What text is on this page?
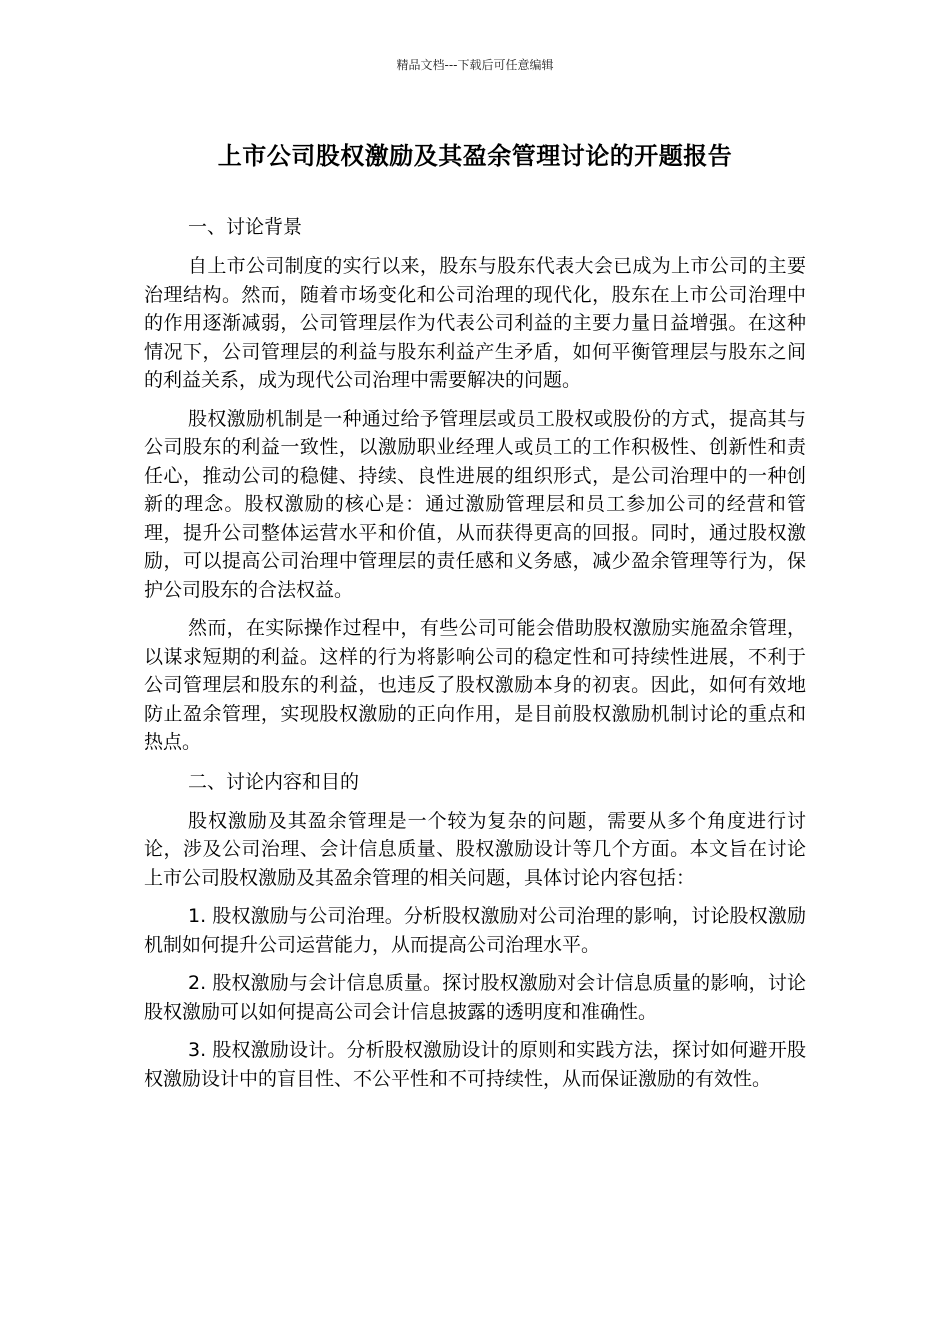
精品文档---下载后可任意编辑
上市公司股权激励及其盈余管理讨论的开题报告

一、讨论背景

自上市公司制度的实行以来，股东与股东代表大会已成为上市公司的主要治理结构。然而，随着市场变化和公司治理的现代化，股东在上市公司治理中的作用逐渐减弱，公司管理层作为代表公司利益的主要力量日益增强。在这种情况下，公司管理层的利益与股东利益产生矛盾，如何平衡管理层与股东之间的利益关系，成为现代公司治理中需要解决的问题。

股权激励机制是一种通过给予管理层或员工股权或股份的方式，提高其与公司股东的利益一致性，以激励职业经理人或员工的工作积极性、创新性和责任心，推动公司的稳健、持续、良性进展的组织形式，是公司治理中的一种创新的理念。股权激励的核心是：通过激励管理层和员工参加公司的经营和管理，提升公司整体运营水平和价值，从而获得更高的回报。同时，通过股权激励，可以提高公司治理中管理层的责任感和义务感，减少盈余管理等行为，保护公司股东的合法权益。

然而，在实际操作过程中，有些公司可能会借助股权激励实施盈余管理，以谋求短期的利益。这样的行为将影响公司的稳定性和可持续性进展，不利于公司管理层和股东的利益，也违反了股权激励本身的初衷。因此，如何有效地防止盈余管理，实现股权激励的正向作用，是目前股权激励机制讨论的重点和热点。

二、讨论内容和目的

股权激励及其盈余管理是一个较为复杂的问题，需要从多个角度进行讨论，涉及公司治理、会计信息质量、股权激励设计等几个方面。本文旨在讨论上市公司股权激励及其盈余管理的相关问题，具体讨论内容包括：

1. 股权激励与公司治理。分析股权激励对公司治理的影响，讨论股权激励机制如何提升公司运营能力，从而提高公司治理水平。

2. 股权激励与会计信息质量。探讨股权激励对会计信息质量的影响，讨论股权激励可以如何提高公司会计信息披露的透明度和准确性。

3. 股权激励设计。分析股权激励设计的原则和实践方法，探讨如何避开股权激励设计中的盲目性、不公平性和不可持续性，从而保证激励的有效性。
